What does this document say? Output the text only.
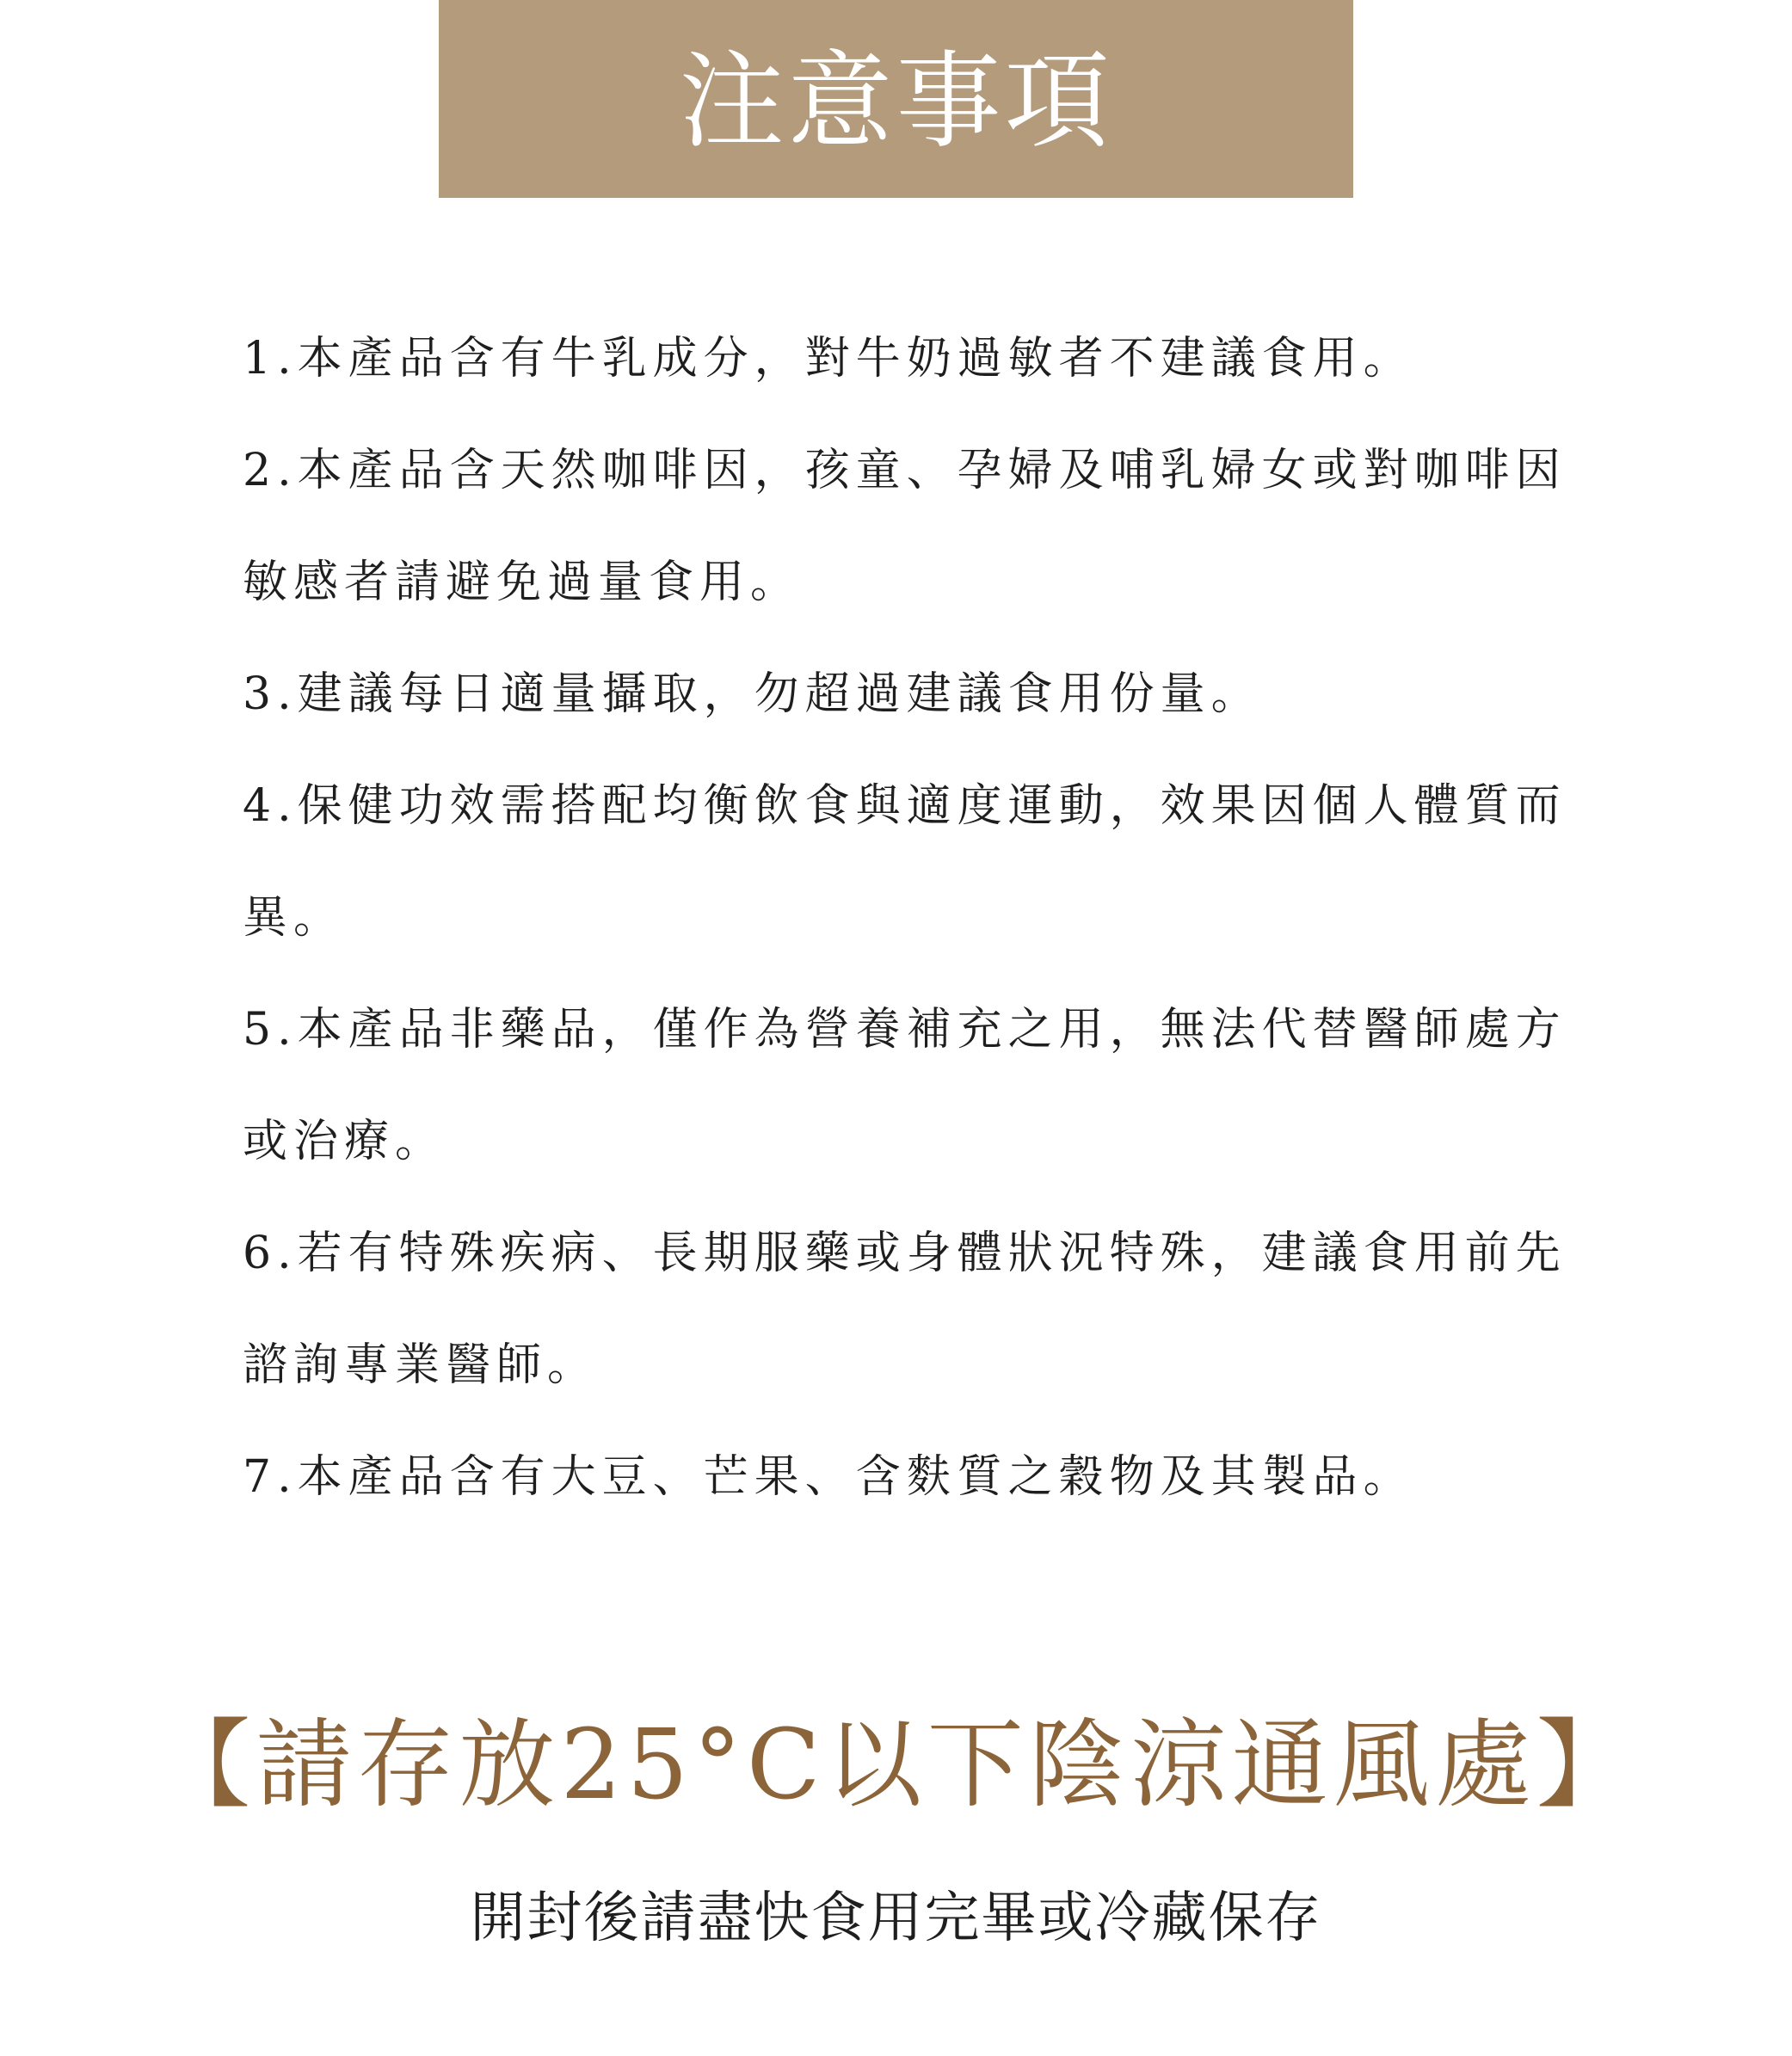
注意事項
1.本產品含有牛乳成分，對牛奶過敏者不建議食用。
2.本產品含天然咖啡因，孩童、孕婦及哺乳婦女或對咖啡因敏感者請避免過量食用。
3.建議每日適量攝取，勿超過建議食用份量。
4.保健功效需搭配均衡飲食與適度運動，效果因個人體質而異。
5.本產品非藥品，僅作為營養補充之用，無法代替醫師處方或治療。
6.若有特殊疾病、長期服藥或身體狀況特殊，建議食用前先諮詢專業醫師。
7.本產品含有大豆、芒果、含麩質之穀物及其製品。

【請存放25°C以下陰涼通風處】

開封後請盡快食用完畢或冷藏保存
